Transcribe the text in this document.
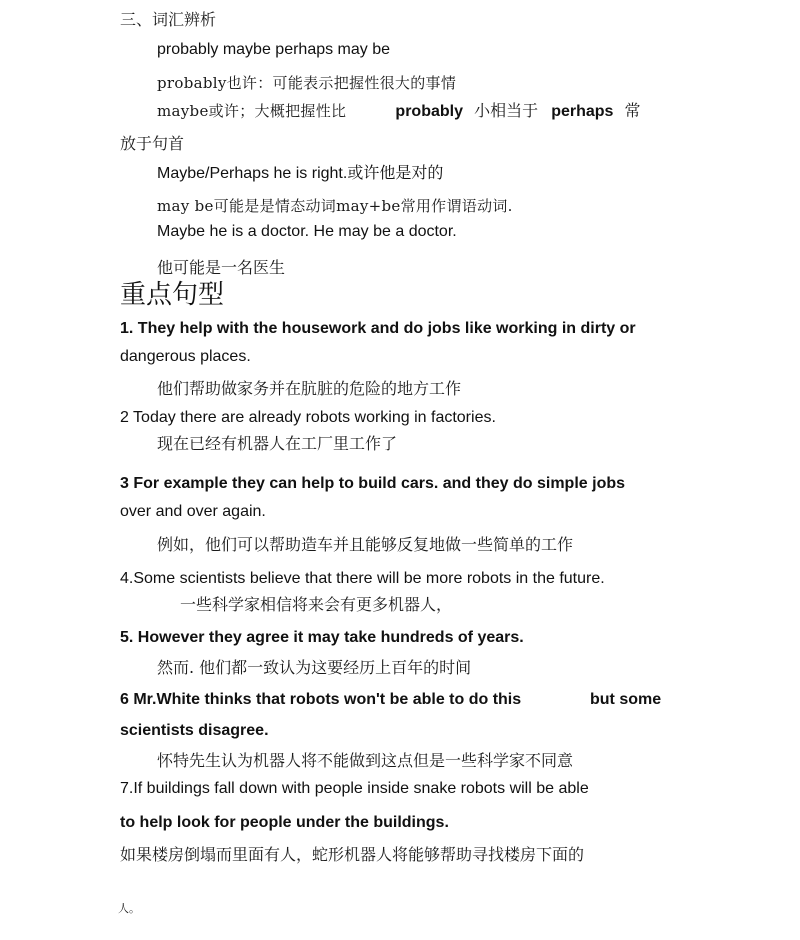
三、词汇辨析
probably maybe perhaps may be
probably也许：可能表示把握性很大的事情
maybe或许；大概把握性比	probably 小相当于 perhaps 常
放于句首
Maybe/Perhaps he is right.或许他是对的
may be可能是是情态动词may+be常用作谓语动词.
Maybe he is a doctor. He may be a doctor.
他可能是一名医生
重点句型
1. They help with the housework and do jobs like working in dirty or
dangerous places.
他们帮助做家务并在肮脏的危险的地方工作
2 Today there are already robots working in factories.
现在已经有机器人在工厂里工作了
3 For example they can help to build cars. and they do simple jobs
over and over again.
例如，他们可以帮助造车并且能够反复地做一些简单的工作
4.Some scientists believe that there will be more robots in the future.
一些科学家相信将来会有更多机器人，
5. However they agree it may take hundreds of years.
然而. 他们都一致认为这要经历上百年的时间
6 Mr.White thinks that robots won't be able to do this	but some
scientists disagree.
怀特先生认为机器人将不能做到这点但是一些科学家不同意
7.If buildings fall down with people inside snake robots will be able
to help look for people under the buildings.
如果楼房倒塌而里面有人，蛇形机器人将能够帮助寻找楼房下面的
人。
